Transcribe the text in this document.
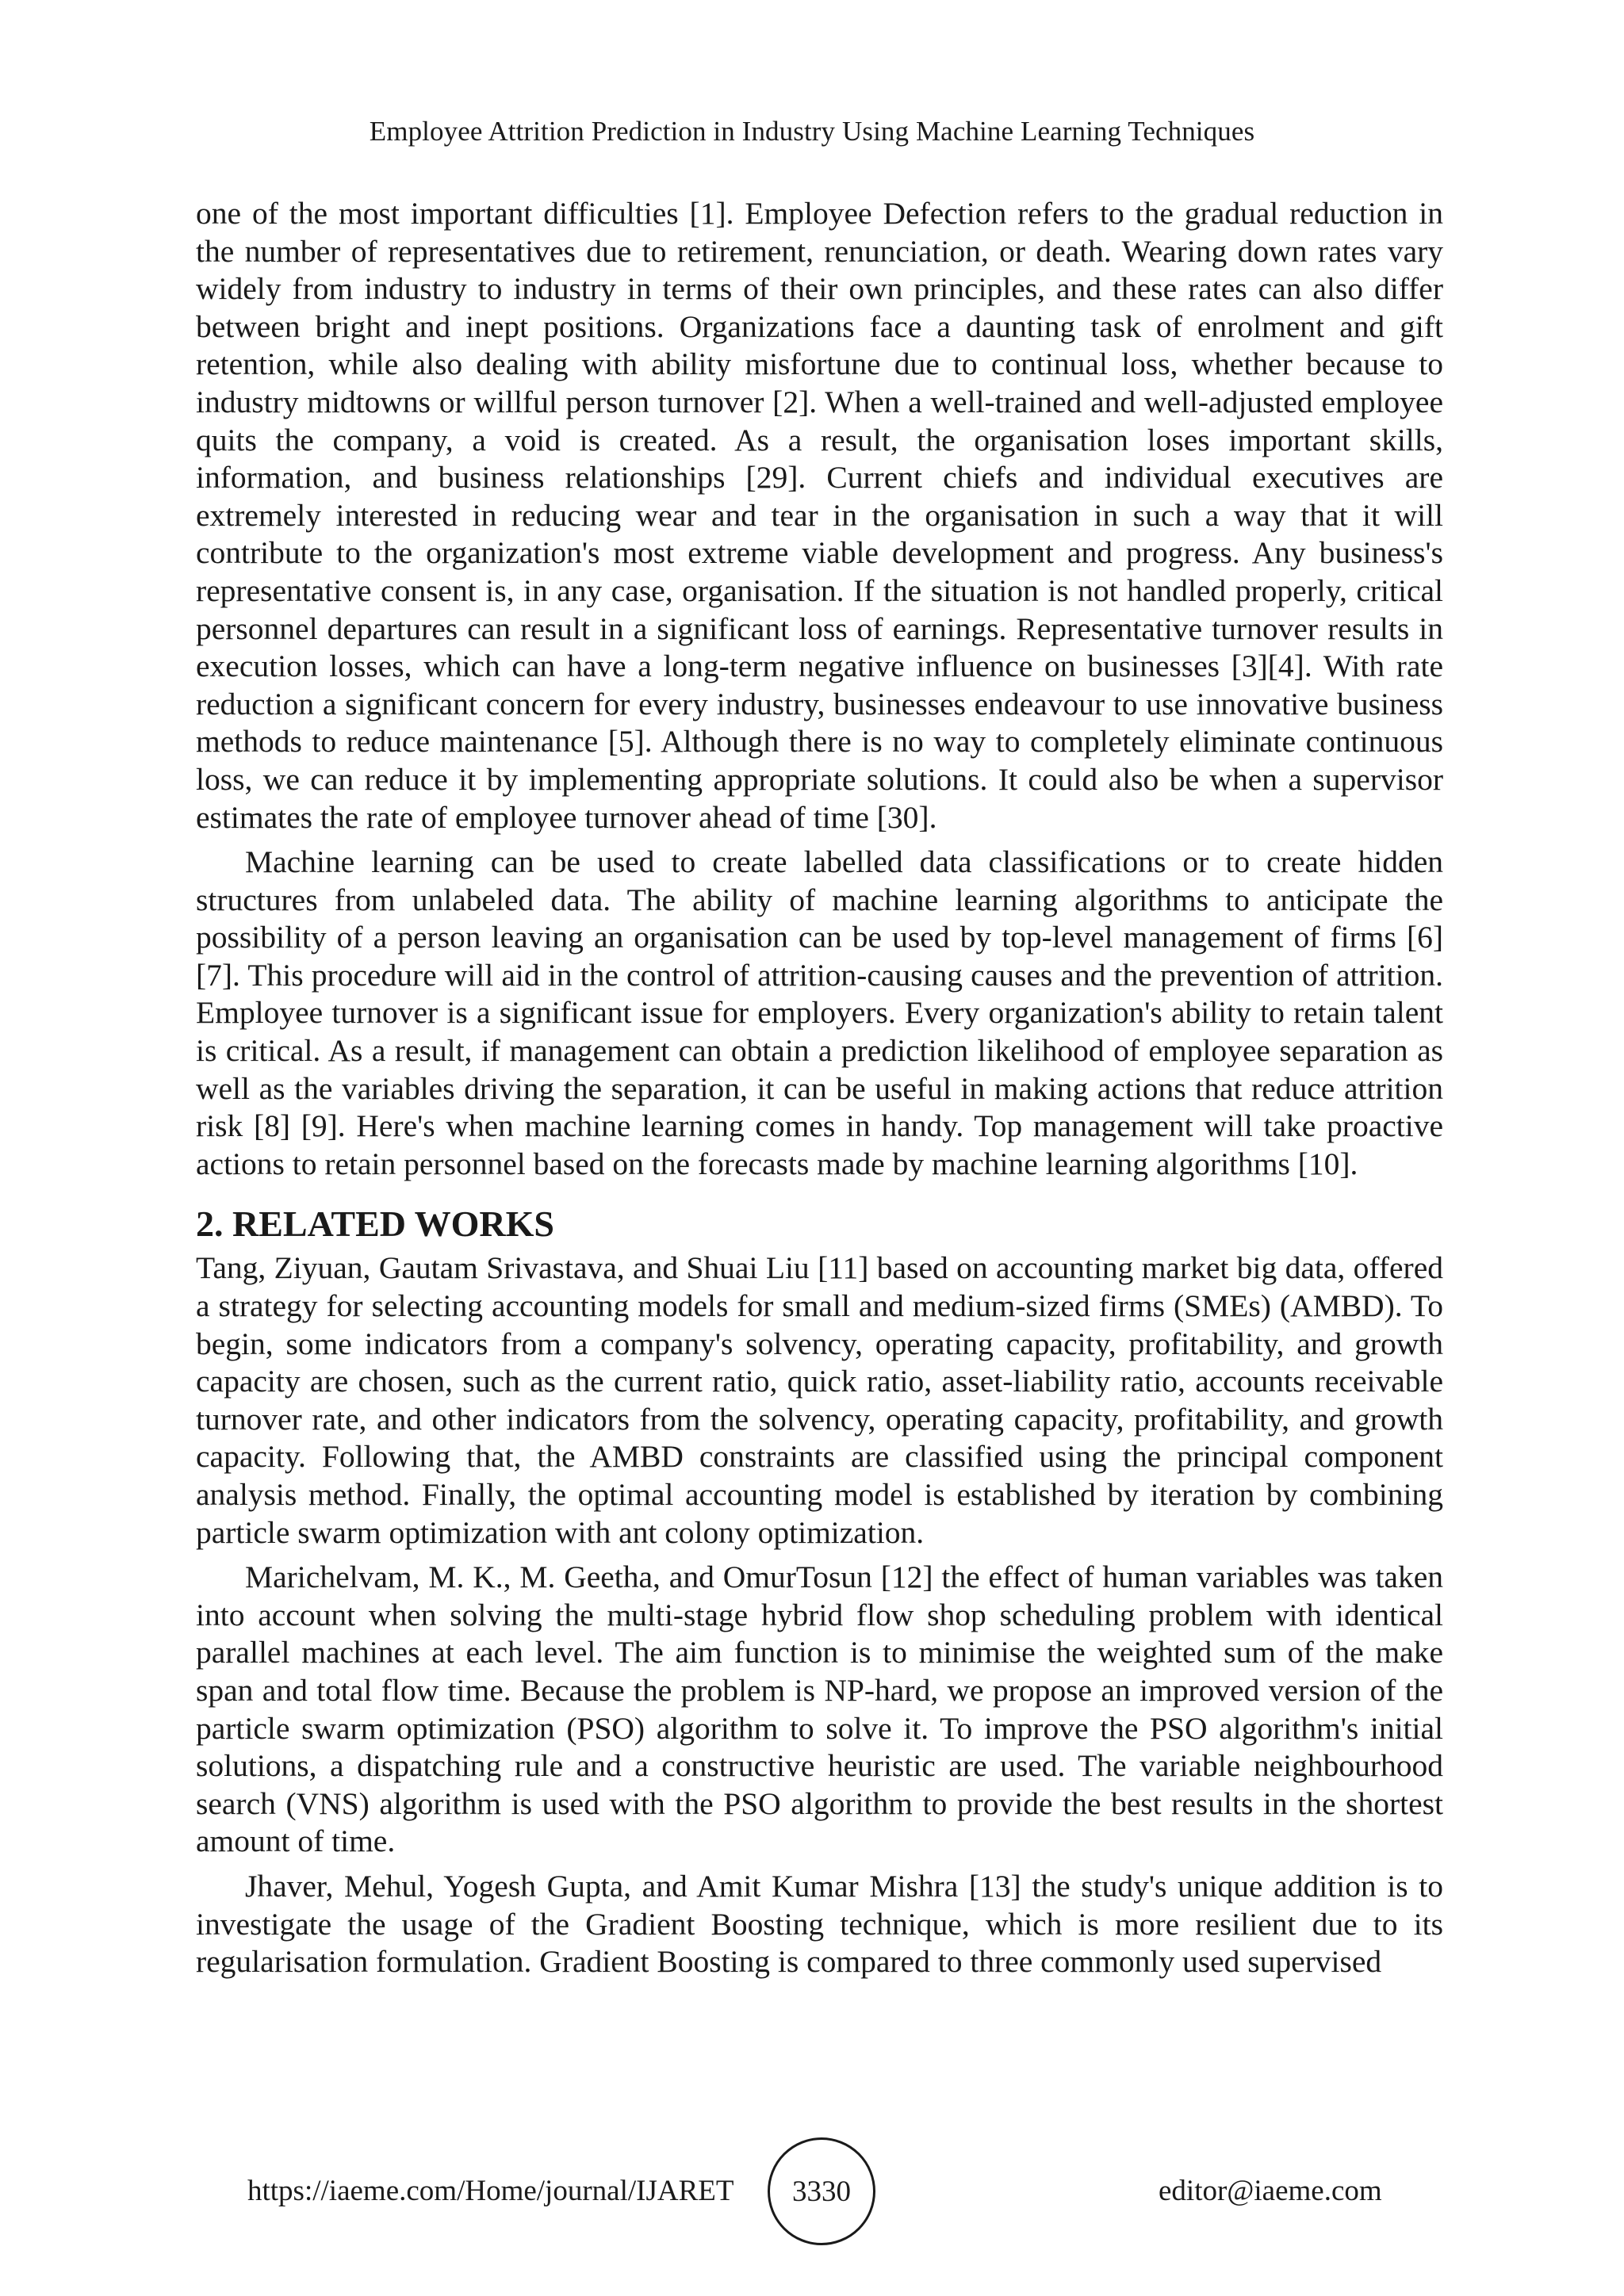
Employee Attrition Prediction in Industry Using Machine Learning Techniques

one of the most important difficulties [1]. Employee Defection refers to the gradual reduction in the number of representatives due to retirement, renunciation, or death. Wearing down rates vary widely from industry to industry in terms of their own principles, and these rates can also differ between bright and inept positions. Organizations face a daunting task of enrolment and gift retention, while also dealing with ability misfortune due to continual loss, whether because to industry midtowns or willful person turnover [2]. When a well-trained and well-adjusted employee quits the company, a void is created. As a result, the organisation loses important skills, information, and business relationships [29]. Current chiefs and individual executives are extremely interested in reducing wear and tear in the organisation in such a way that it will contribute to the organization's most extreme viable development and progress. Any business's representative consent is, in any case, organisation. If the situation is not handled properly, critical personnel departures can result in a significant loss of earnings. Representative turnover results in execution losses, which can have a long-term negative influence on businesses [3][4]. With rate reduction a significant concern for every industry, businesses endeavour to use innovative business methods to reduce maintenance [5]. Although there is no way to completely eliminate continuous loss, we can reduce it by implementing appropriate solutions. It could also be when a supervisor estimates the rate of employee turnover ahead of time [30].

Machine learning can be used to create labelled data classifications or to create hidden structures from unlabeled data. The ability of machine learning algorithms to anticipate the possibility of a person leaving an organisation can be used by top-level management of firms [6][7]. This procedure will aid in the control of attrition-causing causes and the prevention of attrition. Employee turnover is a significant issue for employers. Every organization's ability to retain talent is critical. As a result, if management can obtain a prediction likelihood of employee separation as well as the variables driving the separation, it can be useful in making actions that reduce attrition risk [8] [9]. Here's when machine learning comes in handy. Top management will take proactive actions to retain personnel based on the forecasts made by machine learning algorithms [10].

2. RELATED WORKS

Tang, Ziyuan, Gautam Srivastava, and Shuai Liu [11] based on accounting market big data, offered a strategy for selecting accounting models for small and medium-sized firms (SMEs) (AMBD). To begin, some indicators from a company's solvency, operating capacity, profitability, and growth capacity are chosen, such as the current ratio, quick ratio, asset-liability ratio, accounts receivable turnover rate, and other indicators from the solvency, operating capacity, profitability, and growth capacity. Following that, the AMBD constraints are classified using the principal component analysis method. Finally, the optimal accounting model is established by iteration by combining particle swarm optimization with ant colony optimization.

Marichelvam, M. K., M. Geetha, and OmurTosun [12] the effect of human variables was taken into account when solving the multi-stage hybrid flow shop scheduling problem with identical parallel machines at each level. The aim function is to minimise the weighted sum of the make span and total flow time. Because the problem is NP-hard, we propose an improved version of the particle swarm optimization (PSO) algorithm to solve it. To improve the PSO algorithm's initial solutions, a dispatching rule and a constructive heuristic are used. The variable neighbourhood search (VNS) algorithm is used with the PSO algorithm to provide the best results in the shortest amount of time.

Jhaver, Mehul, Yogesh Gupta, and Amit Kumar Mishra [13] the study's unique addition is to investigate the usage of the Gradient Boosting technique, which is more resilient due to its regularisation formulation. Gradient Boosting is compared to three commonly used supervised

https://iaeme.com/Home/journal/IJARET 3330	editor@iaeme.com
